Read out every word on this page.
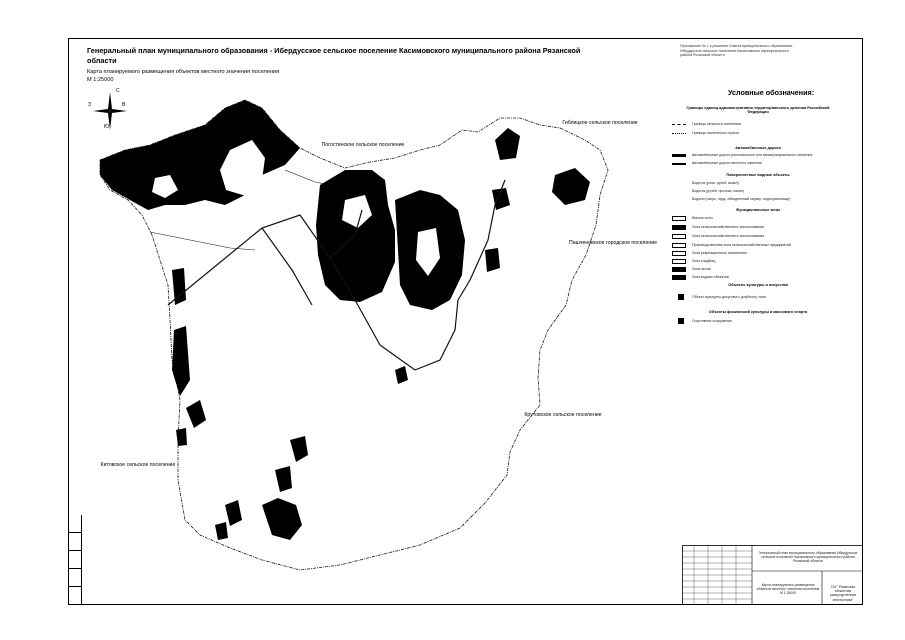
Генеральный план муниципального образования - Ибердусское сельское поселение Касимовского муниципального района Рязанской области
Карта планируемого размещения объектов местного значения поселения
М 1:25000
С
З	В
Ю
Приложение № 1 к решению Совета муниципального образования - Ибердусское сельское поселение Касимовского муниципального района Рязанской области
Погостинское сельское поселение
Гиблицкое сельское поселение
Пашченовское городское поселение
Крутовское сельское поселение
Китовское сельское поселение
Условные обозначения:
Границы единиц административно-территориального деления Российской Федерации
Границы сельского поселения
Границы населенного пункта
Автомобильные дороги
Автомобильные дороги регионального или межмуниципального значения
Автомобильные дороги местного значения
Поверхностные водные объекты
Водоток (река, ручей, канал)
Водоток (ручей, протока, канал)
Водоем (озеро, пруд, обводненный карьер, водохранилище)
Функциональные зоны
Жилые зоны
Зона сельскохозяйственного использования
Зона сельскохозяйственного использования
Производственная зона сельскохозяйственных предприятий
Зона рекреационного назначения
Зона кладбищ
Зона лесов
Зона водных объектов
Объекты культуры и искусства
Объект культурно-досугового (клубного) типа
Объекты физической культуры и массового спорта
Спортивное сооружение
Генеральный план муниципального образования Ибердусское сельское поселение Касимовского муниципального района Рязанской области
Карта планируемого размещения объектов местного значения поселения М 1:25000
ГАУ "Рязанская областная распределенная электроника"
